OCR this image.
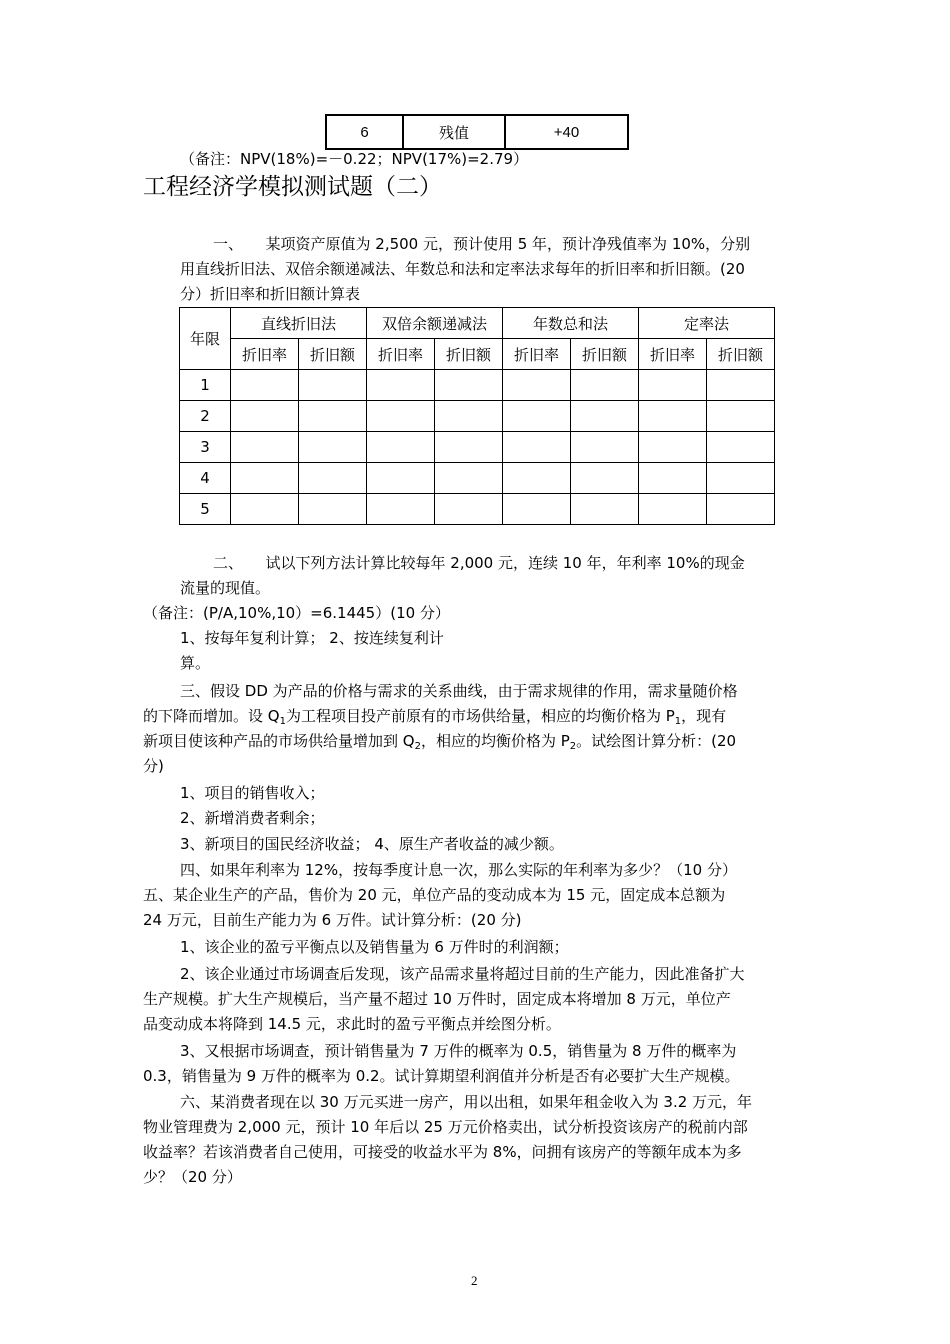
6	残值	+40
（备注：NPV(18%)=－0.22；NPV(17%)=2.79）
工程经济学模拟测试题（二）
一、　　某项资产原值为 2,500 元，预计使用 5 年，预计净残值率为 10%，分别
用直线折旧法、双倍余额递减法、年数总和法和定率法求每年的折旧率和折旧额。(20
分）折旧率和折旧额计算表
年限	直线折旧法		双倍余额递减法		年数总和法		定率法	
	折旧率	折旧额	折旧率	折旧额	折旧率	折旧额	折旧率	折旧额
1								
2								
3								
4								
5								
二、　　试以下列方法计算比较每年 2,000 元，连续 10 年，年利率 10%的现金
流量的现值。
（备注：(P/A,10%,10）=6.1445）(10 分）
1、按每年复利计算； 2、按连续复利计
算。
三、假设 DD 为产品的价格与需求的关系曲线，由于需求规律的作用，需求量随价格
的下降而增加。设 $Q_1$为工程项目投产前原有的市场供给量，相应的均衡价格为 $P_1$，现有
新项目使该种产品的市场供给量增加到 $Q_2$，相应的均衡价格为 $P_2$。试绘图计算分析：(20
分)
1、项目的销售收入；
2、新增消费者剩余；
3、新项目的国民经济收益； 4、原生产者收益的减少额。
四、如果年利率为 12%，按每季度计息一次，那么实际的年利率为多少？（10 分）
五、某企业生产的产品，售价为 20 元，单位产品的变动成本为 15 元，固定成本总额为
24 万元，目前生产能力为 6 万件。试计算分析：(20 分)
1、该企业的盈亏平衡点以及销售量为 6 万件时的利润额；
2、该企业通过市场调查后发现，该产品需求量将超过目前的生产能力，因此准备扩大
生产规模。扩大生产规模后，当产量不超过 10 万件时，固定成本将增加 8 万元，单位产
品变动成本将降到 14.5 元，求此时的盈亏平衡点并绘图分析。
3、又根据市场调查，预计销售量为 7 万件的概率为 0.5，销售量为 8 万件的概率为
0.3，销售量为 9 万件的概率为 0.2。试计算期望利润值并分析是否有必要扩大生产规模。
六、某消费者现在以 30 万元买进一房产，用以出租，如果年租金收入为 3.2 万元，年
物业管理费为 2,000 元，预计 10 年后以 25 万元价格卖出，试分析投资该房产的税前内部
收益率？若该消费者自己使用，可接受的收益水平为 8%，问拥有该房产的等额年成本为多
少？（20 分）
2
